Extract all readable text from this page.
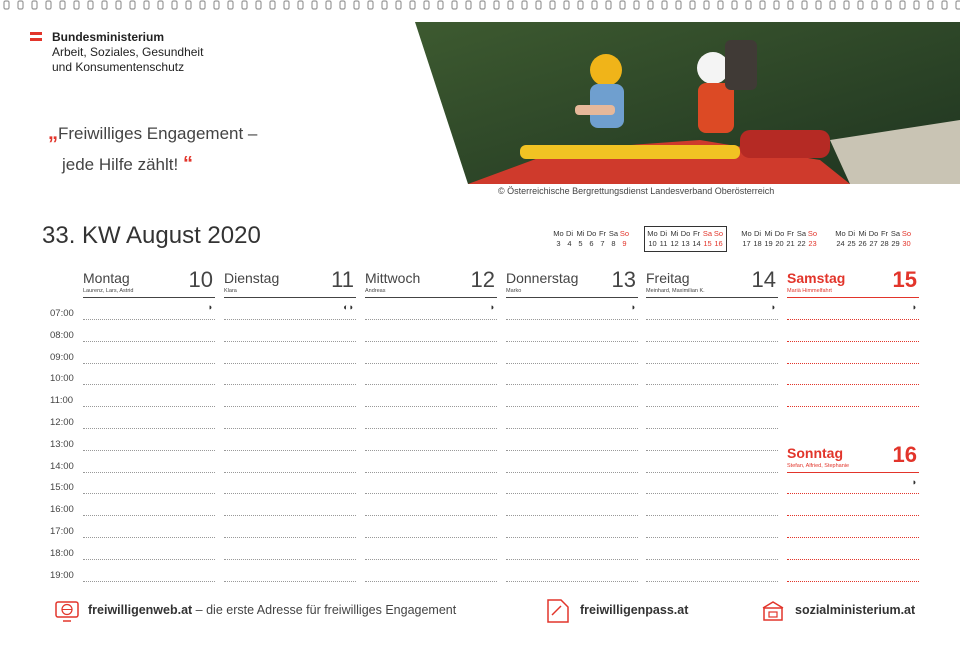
Bundesministerium
Arbeit, Soziales, Gesundheit
und Konsumentenschutz
„Freiwilliges Engagement –
jede Hilfe zählt! “
© Österreichische Bergrettungsdienst Landesverband Oberösterreich
33. KW August 2020	Mo Di Mi Do Fr Sa So
3 4 5 6 7 8 9
Mo Di Mi Do Fr Sa So
10 11 12 13 14 15 16
Mo Di Mi Do Fr Sa So
17 18 19 20 21 22 23
Mo Di Mi Do Fr Sa So
24 25 26 27 28 29 30
07:00
08:00
09:00
10:00
11:00
12:00
13:00
14:00
15:00
16:00
17:00
18:00
19:00
Montag	10
Laurenz, Lars, Astrid
◗
Dienstag 11
Klara
◐◗
Mittwoch 12
Andreas
◗
Donnerstag 13
Marko
◗
Freitag	14
Meinhard, Maximilian K.
◗
Samstag 15
Mariä Himmelfahrt
◗
Sonntag 16
Stefan, Alfried, Stephanie
◗
freiwilligenweb.at – die erste Adresse für freiwilliges Engagement	freiwilligenpass.at	sozialministerium.at
